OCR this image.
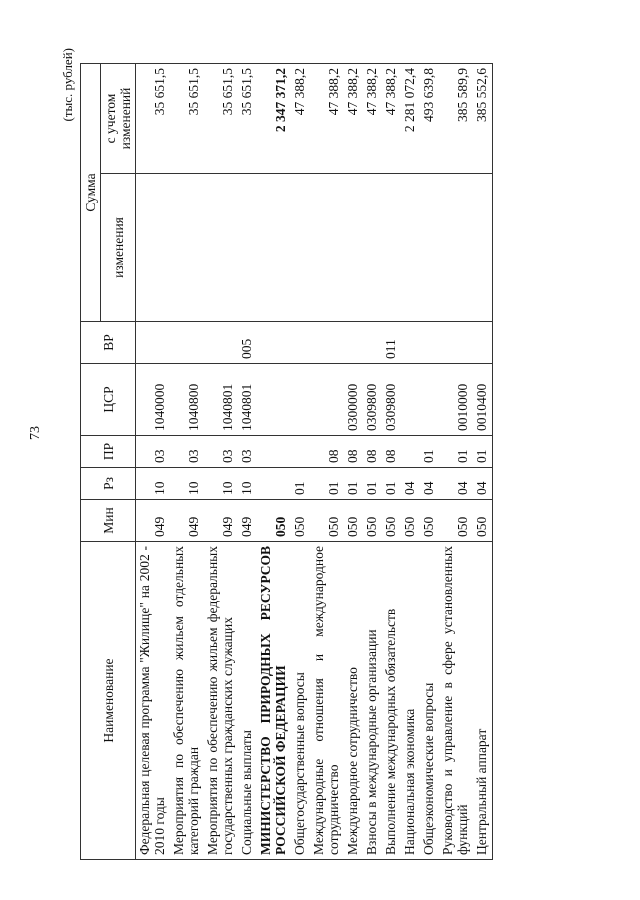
73
(тыс. рублей)
Наименование	Мин	Рз	ПР	ЦСР	ВР	Сумма	
						изменения	с учетом изменений
Федеральная целевая программа "Жилище" на 2002 - 2010 годы	049	10	03	1040000			35 651,5
Мероприятия по обеспечению жильем отдельных категорий граждан	049	10	03	1040800			35 651,5
Мероприятия по обеспечению жильем федеральных государственных гражданских служащих	049	10	03	1040801			35 651,5
Социальные выплаты	049	10	03	1040801	005		35 651,5
МИНИСТЕРСТВО ПРИРОДНЫХ РЕСУРСОВ РОССИЙСКОЙ ФЕДЕРАЦИИ	050						2 347 371,2
Общегосударственные вопросы	050	01					47 388,2
Международные отношения и международное сотрудничество	050	01	08				47 388,2
Международное сотрудничество	050	01	08	0300000			47 388,2
Взносы в международные организации	050	01	08	0309800			47 388,2
Выполнение международных обязательств	050	01	08	0309800	011		47 388,2
Национальная экономика	050	04					2 281 072,4
Общеэкономические вопросы	050	04	01				493 639,8
Руководство и управление в сфере установленных функций	050	04	01	0010000			385 589,9
Центральный аппарат	050	04	01	0010400			385 552,6
